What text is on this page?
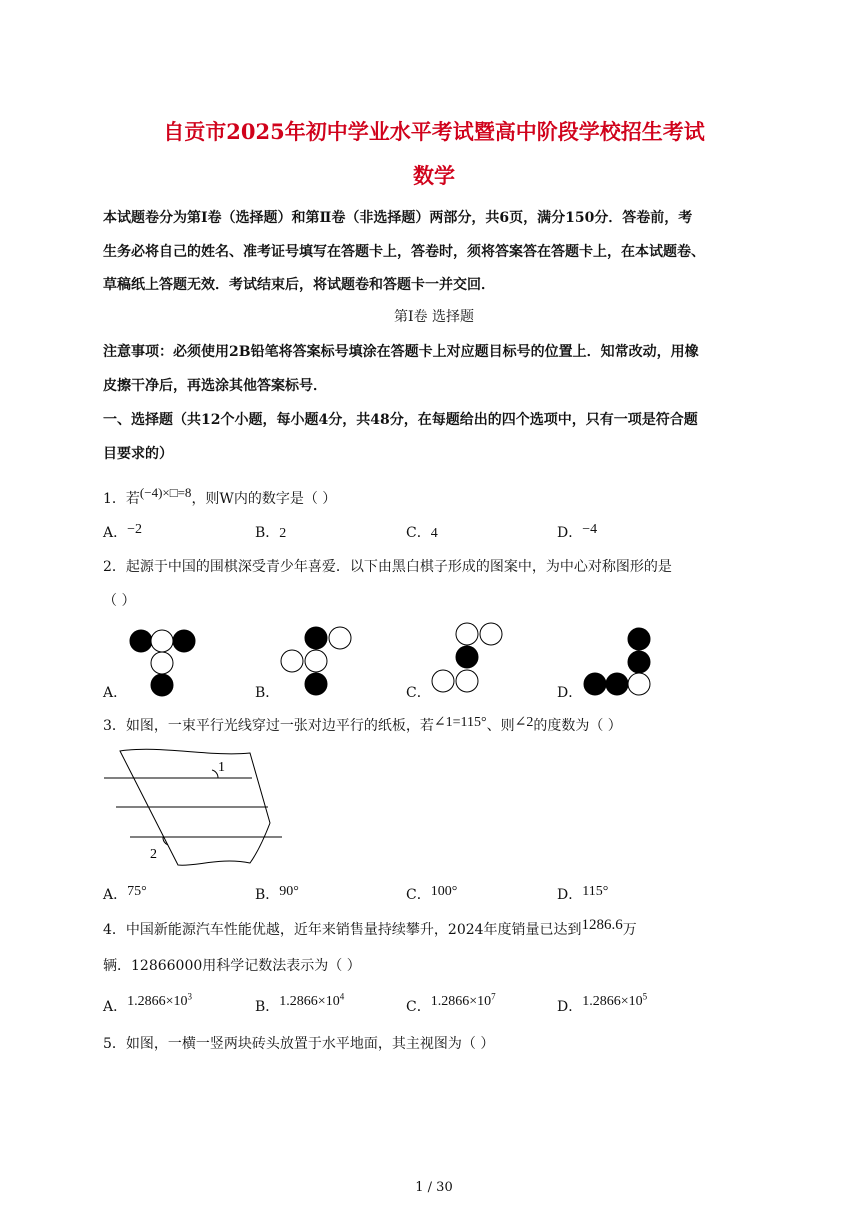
自贡市2025年初中学业水平考试暨高中阶段学校招生考试
数学
本试题卷分为第Ⅰ卷（选择题）和第Ⅱ卷（非选择题）两部分，共6页，满分150分．答卷前，考
生务必将自己的姓名、准考证号填写在答题卡上，答卷时，须将答案答在答题卡上，在本试题卷、
草稿纸上答题无效．考试结束后，将试题卷和答题卡一并交回．
第Ⅰ卷 选择题
注意事项：必须使用2B铅笔将答案标号填涂在答题卡上对应题目标号的位置上．知常改动，用橡
皮擦干净后，再选涂其他答案标号．
一、选择题（共12个小题，每小题4分，共48分，在每题给出的四个选项中，只有一项是符合题
目要求的）
1．若(−4)×□=8，则W内的数字是（ ）
A．−2	B．2	C．4	D．−4
2．起源于中国的围棋深受青少年喜爱．以下由黑白棋子形成的图案中，为中心对称图形的是
（ ）
A．	B．	C．	D．
3．如图，一束平行光线穿过一张对边平行的纸板，若∠1=115°、则∠2的度数为（ ）
1
2
A．75°	B．90°	C．100°	D．115°
4．中国新能源汽车性能优越，近年来销售量持续攀升，2024年度销量已达到1286.6万
辆．12866000用科学记数法表示为（ ）
A．$1.2866\times 10^3$
B．$1.2866\times 10^4$
C．$1.2866\times 10^7$
D．$1.2866\times 10^5$
5．如图，一横一竖两块砖头放置于水平地面，其主视图为（ ）
1 / 30
